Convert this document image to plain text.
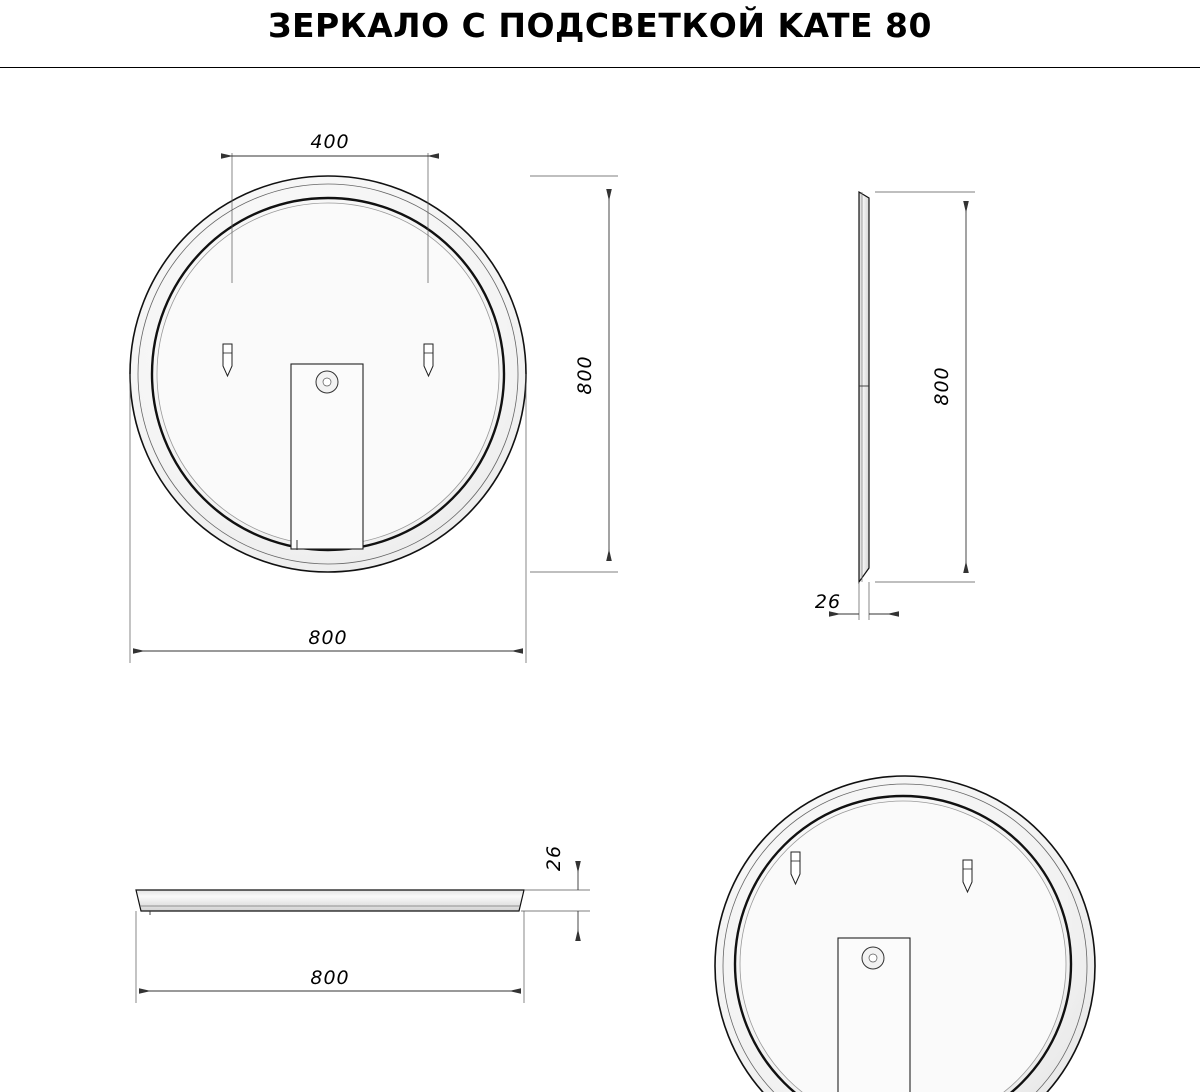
ЗЕРКАЛО С ПОДСВЕТКОЙ KATE 80
400
800
800
800
26
26
800
